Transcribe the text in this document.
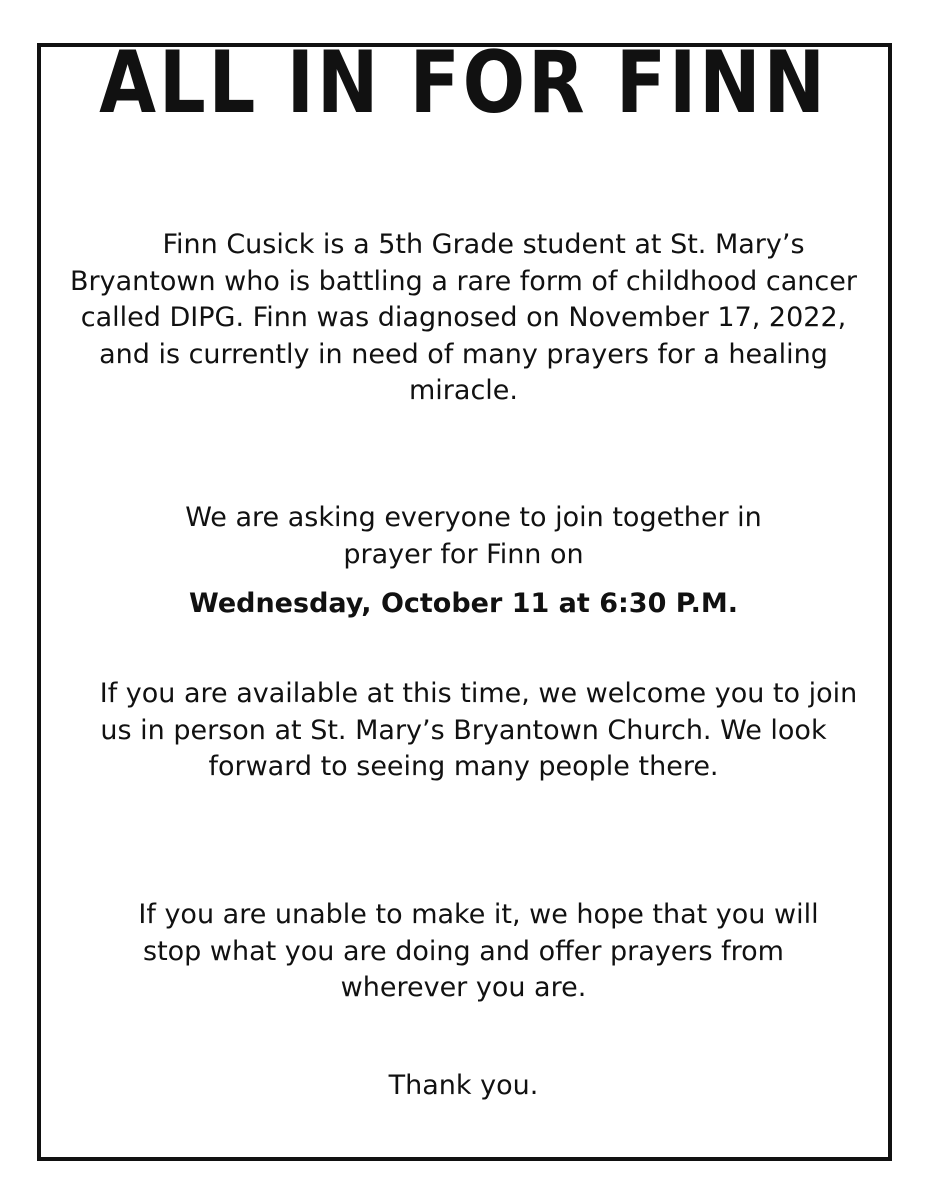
ALL IN FOR FINN

Finn Cusick is a 5th Grade student at St. Mary’s Bryantown who is battling a rare form of childhood cancer called DIPG. Finn was diagnosed on November 17, 2022, and is currently in need of many prayers for a healing miracle.

We are asking everyone to join together in prayer for Finn on

Wednesday, October 11 at 6:30 P.M.

If you are available at this time, we welcome you to join us in person at St. Mary’s Bryantown Church. We look forward to seeing many people there.

If you are unable to make it, we hope that you will stop what you are doing and offer prayers from wherever you are.

Thank you.
